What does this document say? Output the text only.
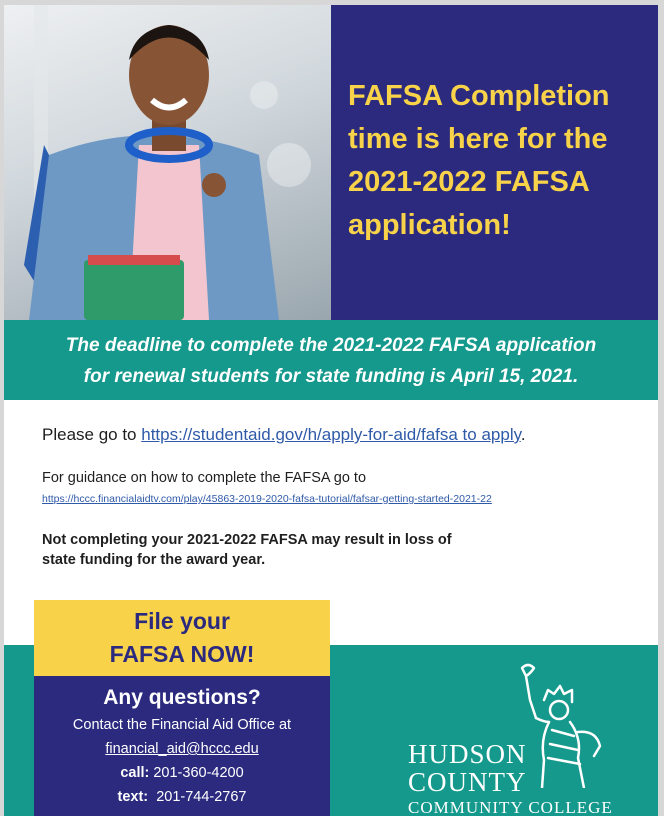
FAFSA Completion time is here for the 2021-2022 FAFSA application!

The deadline to complete the 2021-2022 FAFSA application
for renewal students for state funding is April 15, 2021.

Please go to https://studentaid.gov/h/apply-for-aid/fafsa to apply.

For guidance on how to complete the FAFSA go to

https://hccc.financialaidtv.com/play/45863-2019-2020-fafsa-tutorial/fafsar-getting-started-2021-22

Not completing your 2021-2022 FAFSA may result in loss of state funding for the award year.

File your
FAFSA NOW!
Any questions?
Contact the Financial Aid Office at
financial_aid@hccc.edu
call: 201-360-4200
text: 201-744-2767

HUDSON

COUNTY

COMMUNITY COLLEGE
